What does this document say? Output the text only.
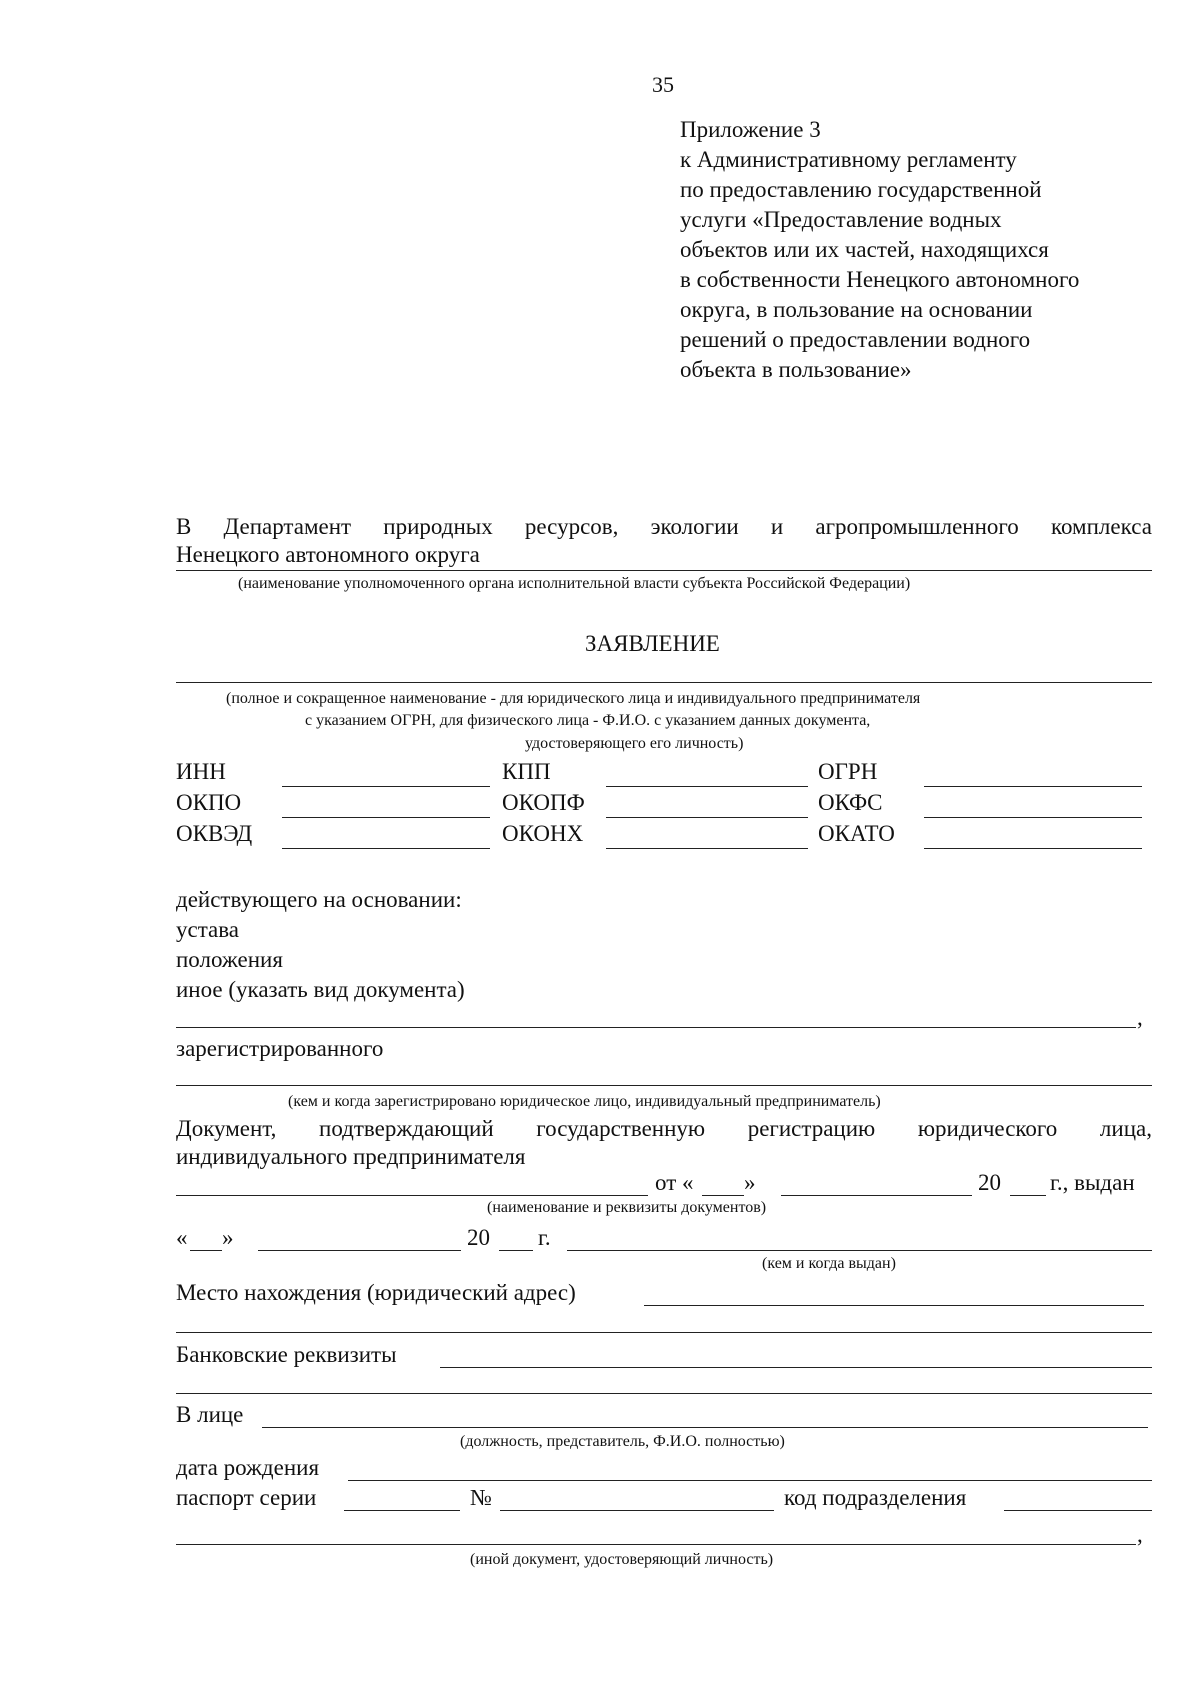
35
Приложение 3
к Административному регламенту
по предоставлению государственной
услуги «Предоставление водных
объектов или их частей, находящихся
в собственности Ненецкого автономного
округа, в пользование на основании
решений о предоставлении водного
объекта в пользование»
В Департамент природных ресурсов, экологии и агропромышленного комплекса
Ненецкого автономного округа
(наименование уполномоченного органа исполнительной власти субъекта Российской Федерации)
ЗАЯВЛЕНИЕ
(полное и сокращенное наименование - для юридического лица и индивидуального предпринимателя
с указанием ОГРН, для физического лица - Ф.И.О. с указанием данных документа,
удостоверяющего его личность)
ИНН	КПП	ОГРН
ОКПО	ОКОПФ	ОКФС
ОКВЭД	ОКОНХ	ОКАТО
действующего на основании:
устава
положения
иное (указать вид документа)
,
зарегистрированного
(кем и когда зарегистрировано юридическое лицо, индивидуальный предприниматель)
Документ, подтверждающий государственную регистрацию юридического лица,
индивидуального предпринимателя
от « »	20 г., выдан
(наименование и реквизиты документов)
« »	20 г.
(кем и когда выдан)
Место нахождения (юридический адрес)
Банковские реквизиты
В лице
(должность, представитель, Ф.И.О. полностью)
дата рождения
паспорт серии	№	код подразделения
,
(иной документ, удостоверяющий личность)
